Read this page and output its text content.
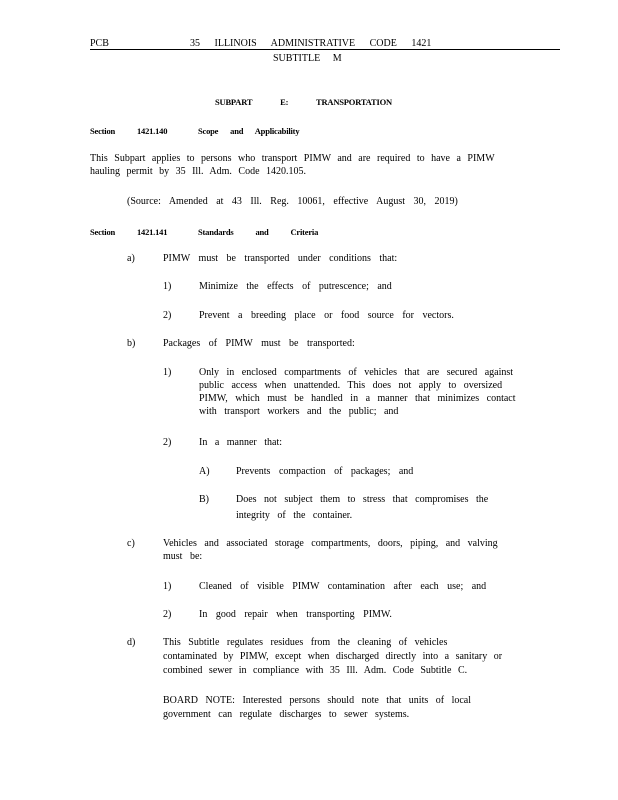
PCB	35 ILLINOIS ADMINISTRATIVE CODE 1421
SUBTITLE M
SUBPART E: TRANSPORTATION
Section 1421.140	Scope and Applicability
This Subpart applies to persons who transport PIMW and are required to have a PIMW
hauling permit by 35 Ill. Adm. Code 1420.105.
(Source: Amended at 43 Ill. Reg. 10061, effective August 30, 2019)
Section 1421.141	Standards and Criteria
a)	PIMW must be transported under conditions that:
1)	Minimize the effects of putrescence; and
2)	Prevent a breeding place or food source for vectors.
b)	Packages of PIMW must be transported:
1)	Only in enclosed compartments of vehicles that are secured against
public access when unattended. This does not apply to oversized
PIMW, which must be handled in a manner that minimizes contact
with transport workers and the public; and
2)	In a manner that:
A)	Prevents compaction of packages; and
B)	Does not subject them to stress that compromises the
integrity of the container.
c)	Vehicles and associated storage compartments, doors, piping, and valving
must be:
1)	Cleaned of visible PIMW contamination after each use; and
2)	In good repair when transporting PIMW.
d)	This Subtitle regulates residues from the cleaning of vehicles
contaminated by PIMW, except when discharged directly into a sanitary or
combined sewer in compliance with 35 Ill. Adm. Code Subtitle C.
BOARD NOTE: Interested persons should note that units of local
government can regulate discharges to sewer systems.
